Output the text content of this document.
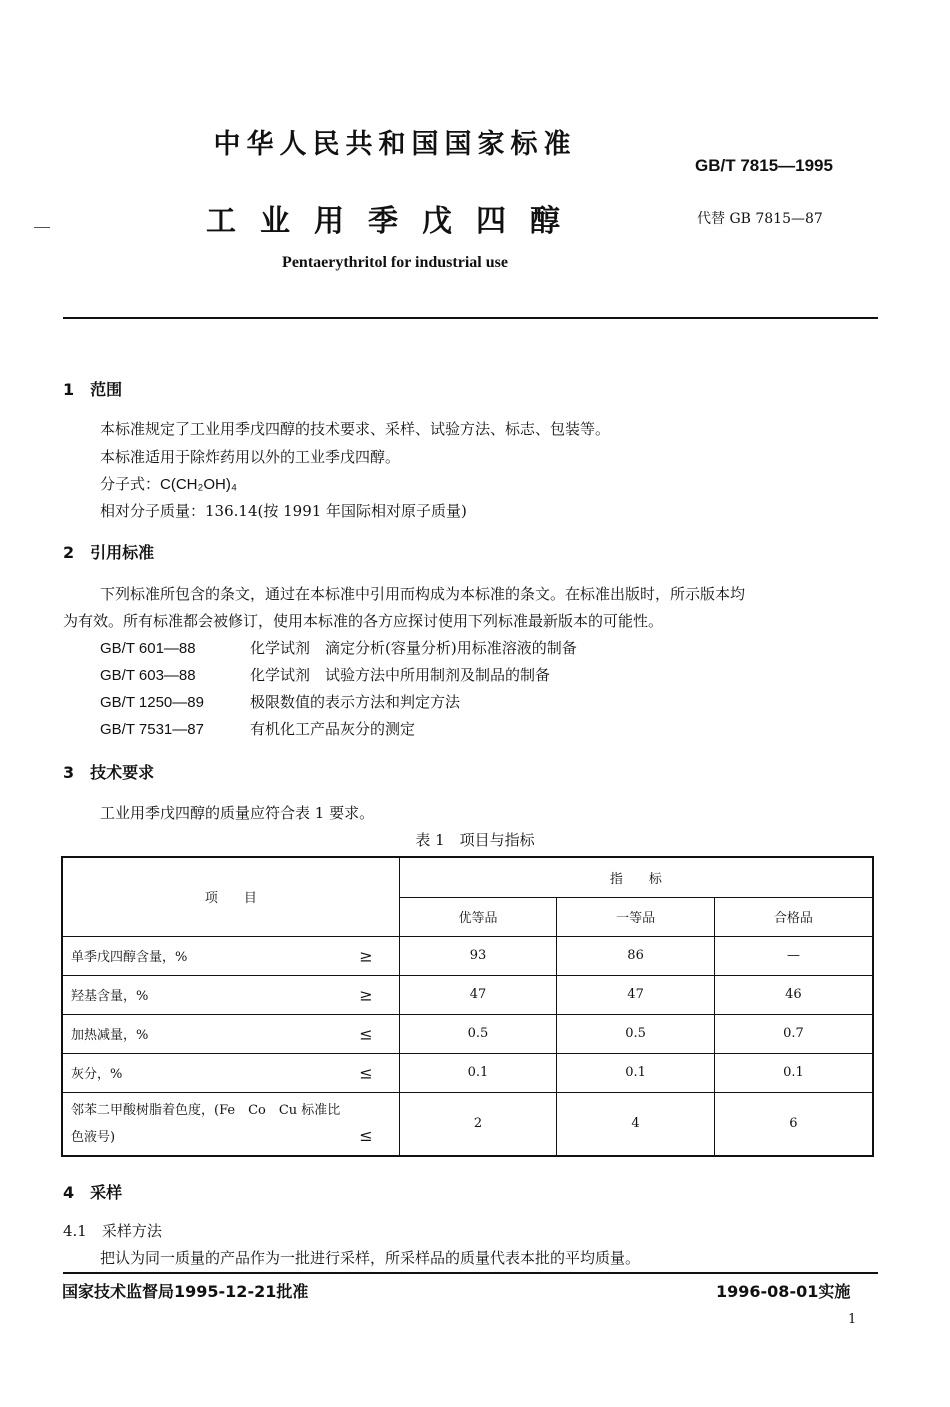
中华人民共和国国家标准
GB/T 7815—1995
工业用季戊四醇	代替 GB 7815—87
Pentaerythritol for industrial use
1　范围
本标准规定了工业用季戊四醇的技术要求、采样、试验方法、标志、包装等。
本标准适用于除炸药用以外的工业季戊四醇。
分子式：C(CH₂OH)₄
相对分子质量：136.14(按 1991 年国际相对原子质量)
2　引用标准
下列标准所包含的条文，通过在本标准中引用而构成为本标准的条文。在标准出版时，所示版本均
为有效。所有标准都会被修订，使用本标准的各方应探讨使用下列标准最新版本的可能性。
GB/T 601—88	化学试剂　滴定分析(容量分析)用标准溶液的制备
GB/T 603—88	化学试剂　试验方法中所用制剂及制品的制备
GB/T 1250—89	极限数值的表示方法和判定方法
GB/T 7531—87	有机化工产品灰分的测定
3　技术要求
工业用季戊四醇的质量应符合表 1 要求。
表 1　项目与指标
项　　目	指　　标		
	优等品	一等品	合格品
单季戊四醇含量，% ≥	93	86	—
羟基含量，% ≥	47	47	46
加热减量，% ≤	0.5	0.5	0.7
灰分，% ≤	0.1	0.1	0.1

邻苯二甲酸树脂着色度，(Fe　Co　Cu 标准比
色液号) ≤	2	4	6
4　采样
4.1　采样方法
把认为同一质量的产品作为一批进行采样，所采样品的质量代表本批的平均质量。
国家技术监督局1995-12-21批准	1996-08-01实施
1
